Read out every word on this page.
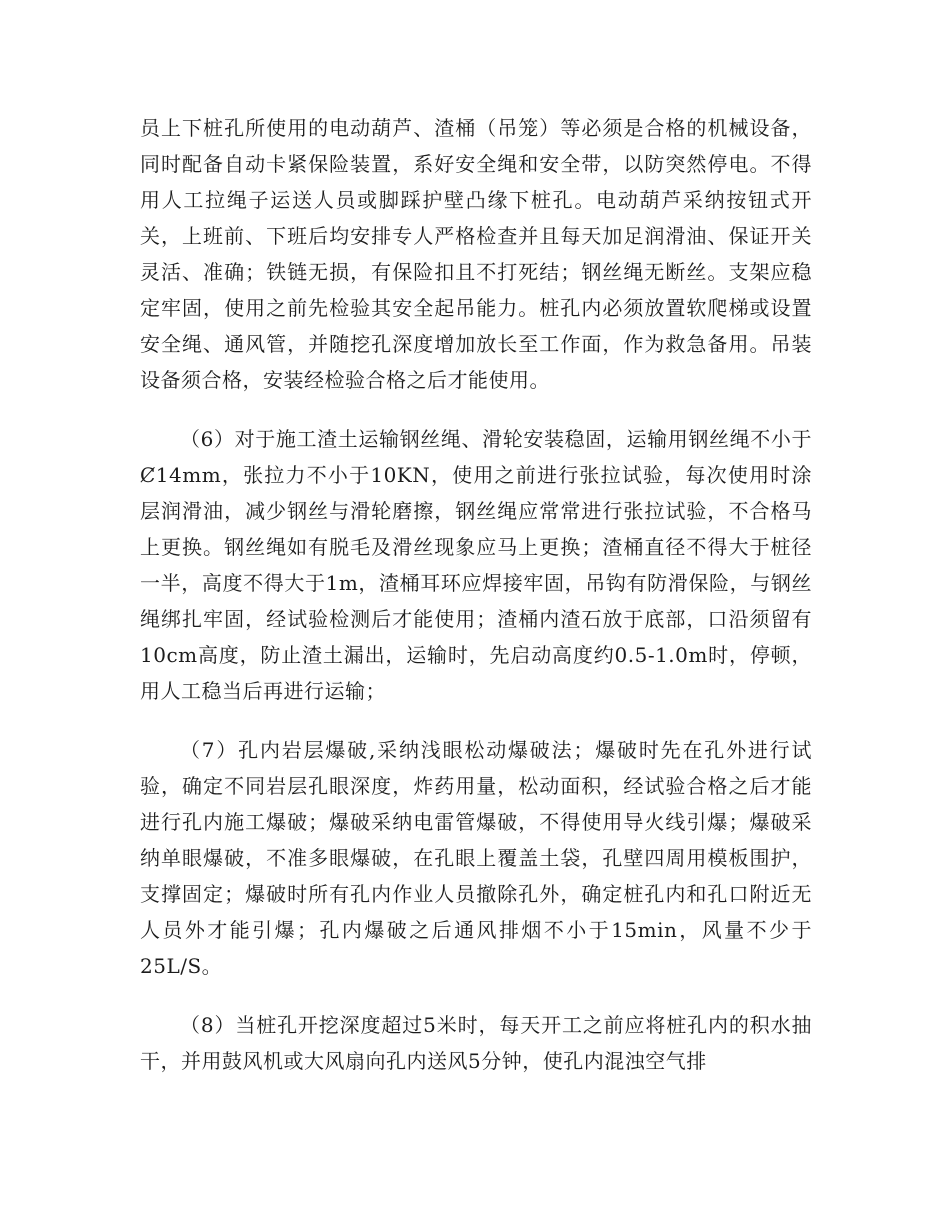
员上下桩孔所使用的电动葫芦、渣桶（吊笼）等必须是合格的机械设备，同时配备自动卡紧保险装置，系好安全绳和安全带，以防突然停电。不得用人工拉绳子运送人员或脚踩护壁凸缘下桩孔。电动葫芦采纳按钮式开关，上班前、下班后均安排专人严格检查并且每天加足润滑油、保证开关灵活、准确；铁链无损，有保险扣且不打死结；钢丝绳无断丝。支架应稳定牢固，使用之前先检验其安全起吊能力。桩孔内必须放置软爬梯或设置安全绳、通风管，并随挖孔深度增加放长至工作面，作为救急备用。吊装设备须合格，安装经检验合格之后才能使用。

（6）对于施工渣土运输钢丝绳、滑轮安装稳固，运输用钢丝绳不小于Ȼ14mm，张拉力不小于10KN，使用之前进行张拉试验，每次使用时涂层润滑油，减少钢丝与滑轮磨擦，钢丝绳应常常进行张拉试验，不合格马上更换。钢丝绳如有脱毛及滑丝现象应马上更换；渣桶直径不得大于桩径一半，高度不得大于1m，渣桶耳环应焊接牢固，吊钩有防滑保险，与钢丝绳绑扎牢固，经试验检测后才能使用；渣桶内渣石放于底部，口沿须留有10cm高度，防止渣土漏出，运输时，先启动高度约0.5-1.0m时，停顿，用人工稳当后再进行运输；

（7）孔内岩层爆破,采纳浅眼松动爆破法；爆破时先在孔外进行试验，确定不同岩层孔眼深度，炸药用量，松动面积，经试验合格之后才能进行孔内施工爆破；爆破采纳电雷管爆破，不得使用导火线引爆；爆破采纳单眼爆破，不准多眼爆破，在孔眼上覆盖土袋，孔壁四周用模板围护，支撑固定；爆破时所有孔内作业人员撤除孔外，确定桩孔内和孔口附近无人员外才能引爆；孔内爆破之后通风排烟不小于15min，风量不少于25L/S。

（8）当桩孔开挖深度超过5米时，每天开工之前应将桩孔内的积水抽干，并用鼓风机或大风扇向孔内送风5分钟，使孔内混浊空气排
